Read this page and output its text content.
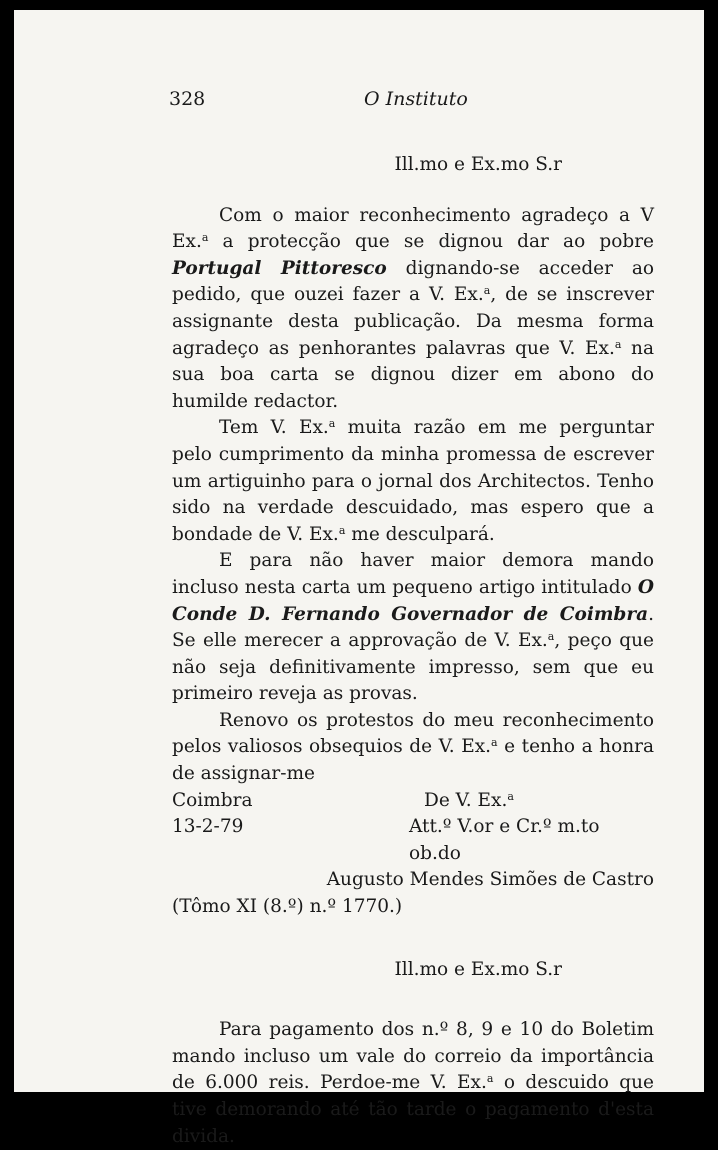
328	O Instituto
Ill.mo e Ex.mo S.r

Com o maior reconhecimento agradeço a V Ex.$^a$ a protecção que se dignou dar ao pobre Portugal Pittoresco dignando-se acceder ao pedido, que ouzei fazer a V. Ex.$^a$, de se inscrever assignante desta publicação. Da mesma forma agradeço as penhorantes palavras que V. Ex.$^a$ na sua boa carta se dignou dizer em abono do humilde redactor.

Tem V. Ex.$^a$ muita razão em me perguntar pelo cumprimento da minha promessa de escrever um artiguinho para o jornal dos Architectos. Tenho sido na verdade descuidado, mas espero que a bondade de V. Ex.$^a$ me desculpará.

E para não haver maior demora mando incluso nesta carta um pequeno artigo intitulado O Conde D. Fernando Governador de Coimbra. Se elle merecer a approvação de V. Ex.$^a$, peço que não seja definitivamente impresso, sem que eu primeiro reveja as provas.

Renovo os protestos do meu reconhecimento pelos valiosos obsequios de V. Ex.$^a$ e tenho a honra de assignar-me

Coimbra	De V. Ex.$^a$
13-2-79	Att.º V.or e Cr.º m.to ob.do
Augusto Mendes Simões de Castro
(Tômo XI (8.º) n.º 1770.)
Ill.mo e Ex.mo S.r

Para pagamento dos n.º 8, 9 e 10 do Boletim mando incluso um vale do correio da importância de 6.000 reis. Perdoe-me V. Ex.$^a$ o descuido que tive demorando até tão tarde o pagamento d'esta divida.
